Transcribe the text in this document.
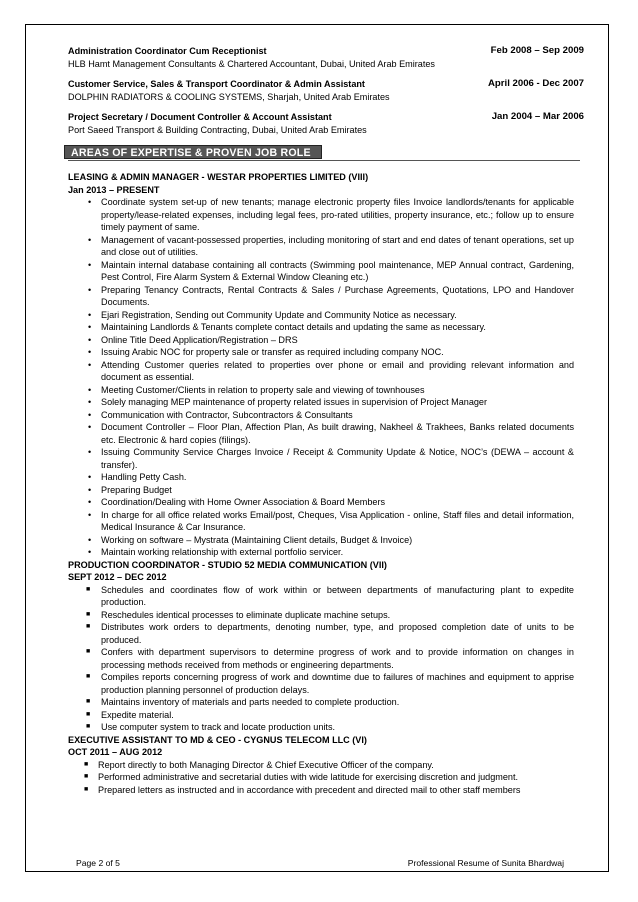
Administration Coordinator Cum Receptionist
HLB Hamt Management Consultants & Chartered Accountant, Dubai, United Arab Emirates
Feb 2008 – Sep 2009
Customer Service, Sales & Transport Coordinator & Admin Assistant
DOLPHIN RADIATORS & COOLING SYSTEMS, Sharjah, United Arab Emirates
April 2006 - Dec 2007
Project Secretary / Document Controller & Account Assistant
Port Saeed Transport & Building Contracting, Dubai, United Arab Emirates
Jan 2004 – Mar 2006
AREAS OF EXPERTISE & PROVEN JOB ROLE
LEASING & ADMIN MANAGER - WESTAR PROPERTIES LIMITED (VIII)
Jan 2013 – PRESENT
• Coordinate system set-up of new tenants; manage electronic property files Invoice landlords/tenants for applicable property/lease-related expenses, including legal fees, pro-rated utilities, property insurance, etc.; follow up to ensure timely payment of same.
• Management of vacant-possessed properties, including monitoring of start and end dates of tenant operations, set up and close out of utilities.
• Maintain internal database containing all contracts (Swimming pool maintenance, MEP Annual contract, Gardening, Pest Control, Fire Alarm System & External Window Cleaning etc.)
• Preparing Tenancy Contracts, Rental Contracts & Sales / Purchase Agreements, Quotations, LPO and Handover Documents.
• Ejari Registration, Sending out Community Update and Community Notice as necessary.
• Maintaining Landlords & Tenants complete contact details and updating the same as necessary.
• Online Title Deed Application/Registration – DRS
• Issuing Arabic NOC for property sale or transfer as required including company NOC.
• Attending Customer queries related to properties over phone or email and providing relevant information and document as essential.
• Meeting Customer/Clients in relation to property sale and viewing of townhouses
• Solely managing MEP maintenance of property related issues in supervision of Project Manager
• Communication with Contractor, Subcontractors & Consultants
• Document Controller – Floor Plan, Affection Plan, As built drawing, Nakheel & Trakhees, Banks related documents etc. Electronic & hard copies (filings).
• Issuing Community Service Charges Invoice / Receipt & Community Update & Notice, NOC’s (DEWA – account & transfer).
• Handling Petty Cash.
• Preparing Budget
• Coordination/Dealing with Home Owner Association & Board Members
• In charge for all office related works Email/post, Cheques, Visa Application - online, Staff files and detail information, Medical Insurance & Car Insurance.
• Working on software – Mystrata (Maintaining Client details, Budget & Invoice)
• Maintain working relationship with external portfolio servicer.
PRODUCTION COORDINATOR - STUDIO 52 MEDIA COMMUNICATION (VII)
SEPT 2012 – DEC 2012
■ Schedules and coordinates flow of work within or between departments of manufacturing plant to expedite production.
■ Reschedules identical processes to eliminate duplicate machine setups.
■ Distributes work orders to departments, denoting number, type, and proposed completion date of units to be produced.
■ Confers with department supervisors to determine progress of work and to provide information on changes in processing methods received from methods or engineering departments.
■ Compiles reports concerning progress of work and downtime due to failures of machines and equipment to apprise production planning personnel of production delays.
■ Maintains inventory of materials and parts needed to complete production.
■ Expedite material.
■ Use computer system to track and locate production units.
EXECUTIVE ASSISTANT TO MD & CEO - CYGNUS TELECOM LLC (VI)
OCT 2011 – AUG 2012
■ Report directly to both Managing Director & Chief Executive Officer of the company.
■ Performed administrative and secretarial duties with wide latitude for exercising discretion and judgment.
■ Prepared letters as instructed and in accordance with precedent and directed mail to other staff members
Page 2 of 5	Professional Resume of Sunita Bhardwaj
